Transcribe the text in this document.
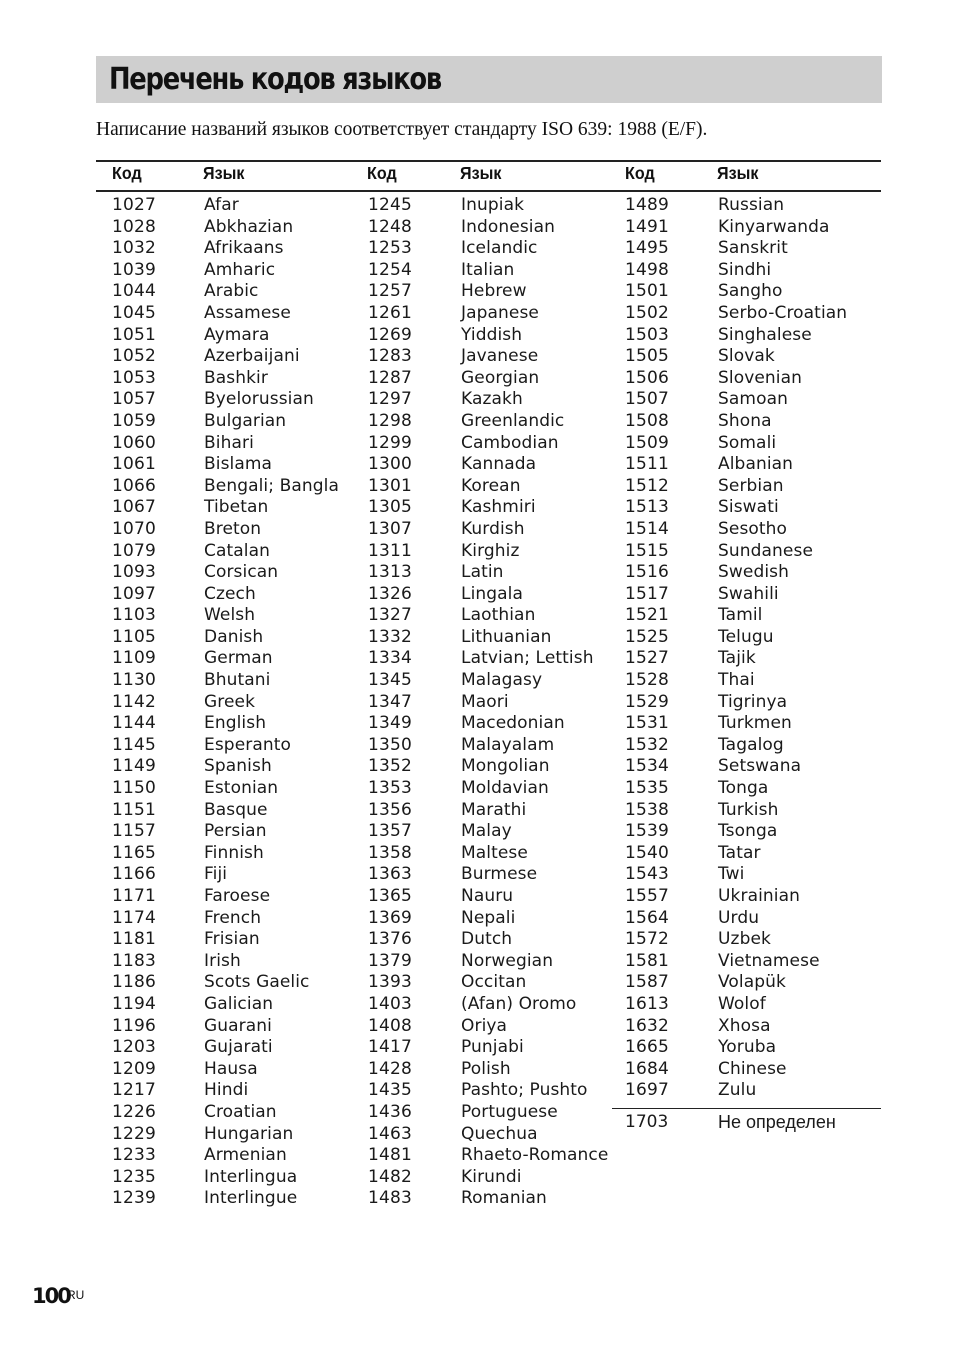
Перечень кодов языков
Написание названий языков соответствует стандарту ISO 639: 1988 (E/F).
Код	Язык	Код	Язык	Код	Язык
1027	Afar
1028	Abkhazian
1032	Afrikaans
1039	Amharic
1044	Arabic
1045	Assamese
1051	Aymara
1052	Azerbaijani
1053	Bashkir
1057	Byelorussian
1059	Bulgarian
1060	Bihari
1061	Bislama
1066	Bengali; Bangla
1067	Tibetan
1070	Breton
1079	Catalan
1093	Corsican
1097	Czech
1103	Welsh
1105	Danish
1109	German
1130	Bhutani
1142	Greek
1144	English
1145	Esperanto
1149	Spanish
1150	Estonian
1151	Basque
1157	Persian
1165	Finnish
1166	Fiji
1171	Faroese
1174	French
1181	Frisian
1183	Irish
1186	Scots Gaelic
1194	Galician
1196	Guarani
1203	Gujarati
1209	Hausa
1217	Hindi
1226	Croatian
1229	Hungarian
1233	Armenian
1235	Interlingua
1239	Interlingue
1245	Inupiak
1248	Indonesian
1253	Icelandic
1254	Italian
1257	Hebrew
1261	Japanese
1269	Yiddish
1283	Javanese
1287	Georgian
1297	Kazakh
1298	Greenlandic
1299	Cambodian
1300	Kannada
1301	Korean
1305	Kashmiri
1307	Kurdish
1311	Kirghiz
1313	Latin
1326	Lingala
1327	Laothian
1332	Lithuanian
1334	Latvian; Lettish
1345	Malagasy
1347	Maori
1349	Macedonian
1350	Malayalam
1352	Mongolian
1353	Moldavian
1356	Marathi
1357	Malay
1358	Maltese
1363	Burmese
1365	Nauru
1369	Nepali
1376	Dutch
1379	Norwegian
1393	Occitan
1403	(Afan) Oromo
1408	Oriya
1417	Punjabi
1428	Polish
1435	Pashto; Pushto
1436	Portuguese
1463	Quechua
1481	Rhaeto-Romance
1482	Kirundi
1483	Romanian
1489	Russian
1491	Kinyarwanda
1495	Sanskrit
1498	Sindhi
1501	Sangho
1502	Serbo-Croatian
1503	Singhalese
1505	Slovak
1506	Slovenian
1507	Samoan
1508	Shona
1509	Somali
1511	Albanian
1512	Serbian
1513	Siswati
1514	Sesotho
1515	Sundanese
1516	Swedish
1517	Swahili
1521	Tamil
1525	Telugu
1527	Tajik
1528	Thai
1529	Tigrinya
1531	Turkmen
1532	Tagalog
1534	Setswana
1535	Tonga
1538	Turkish
1539	Tsonga
1540	Tatar
1543	Twi
1557	Ukrainian
1564	Urdu
1572	Uzbek
1581	Vietnamese
1587	Volapük
1613	Wolof
1632	Xhosa
1665	Yoruba
1684	Chinese
1697	Zulu
1703	Не определен
100
RU
